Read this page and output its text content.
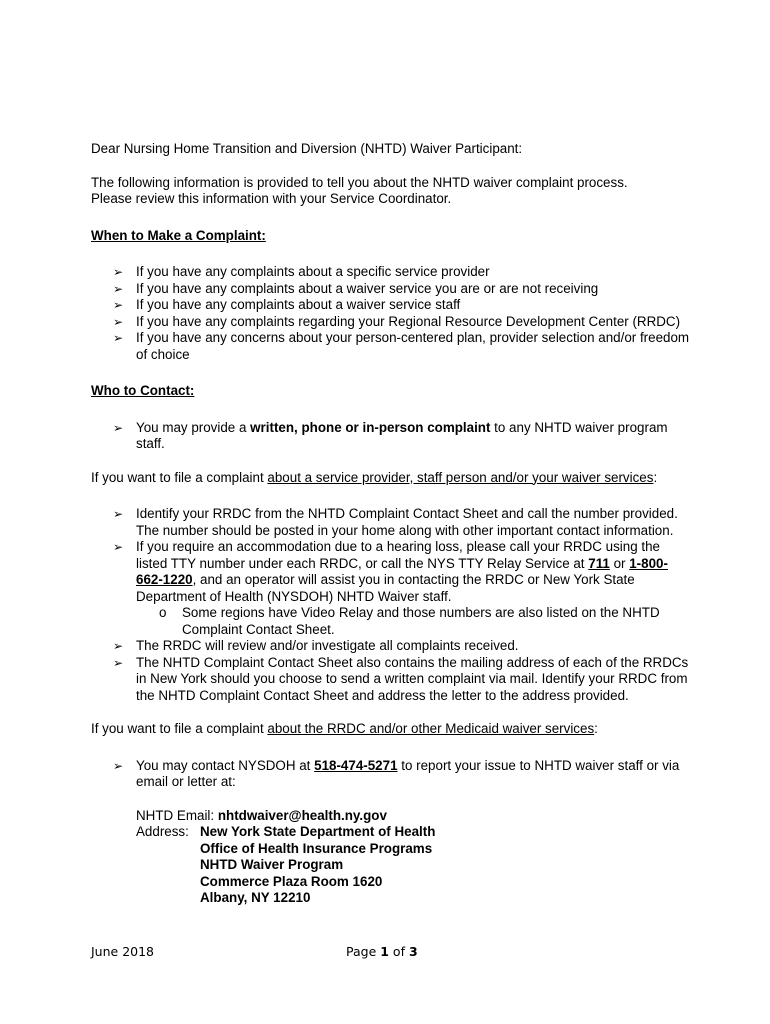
Dear Nursing Home Transition and Diversion (NHTD) Waiver Participant:

The following information is provided to tell you about the NHTD waiver complaint process.

Please review this information with your Service Coordinator.

When to Make a Complaint:

➢ If you have any complaints about a specific service provider
➢ If you have any complaints about a waiver service you are or are not receiving
➢ If you have any complaints about a waiver service staff
➢ If you have any complaints regarding your Regional Resource Development Center (RRDC)
➢ If you have any concerns about your person-centered plan, provider selection and/or freedom of choice

Who to Contact:

➢ You may provide a written, phone or in-person complaint to any NHTD waiver program staff.

If you want to file a complaint about a service provider, staff person and/or your waiver services:

➢ Identify your RRDC from the NHTD Complaint Contact Sheet and call the number provided. The number should be posted in your home along with other important contact information.
➢ If you require an accommodation due to a hearing loss, please call your RRDC using the listed TTY number under each RRDC, or call the NYS TTY Relay Service at 711 or 1-800-662-1220, and an operator will assist you in contacting the RRDC or New York State Department of Health (NYSDOH) NHTD Waiver staff.
o Some regions have Video Relay and those numbers are also listed on the NHTD Complaint Contact Sheet.
➢ The RRDC will review and/or investigate all complaints received.
➢ The NHTD Complaint Contact Sheet also contains the mailing address of each of the RRDCs in New York should you choose to send a written complaint via mail. Identify your RRDC from the NHTD Complaint Contact Sheet and address the letter to the address provided.

If you want to file a complaint about the RRDC and/or other Medicaid waiver services:

➢ You may contact NYSDOH at 518-474-5271 to report your issue to NHTD waiver staff or via email or letter at:

NHTD Email: nhtdwaiver@health.ny.gov

Address: New York State Department of Health
Office of Health Insurance Programs
NHTD Waiver Program
Commerce Plaza Room 1620
Albany, NY 12210
June 2018	Page 1 of 3
